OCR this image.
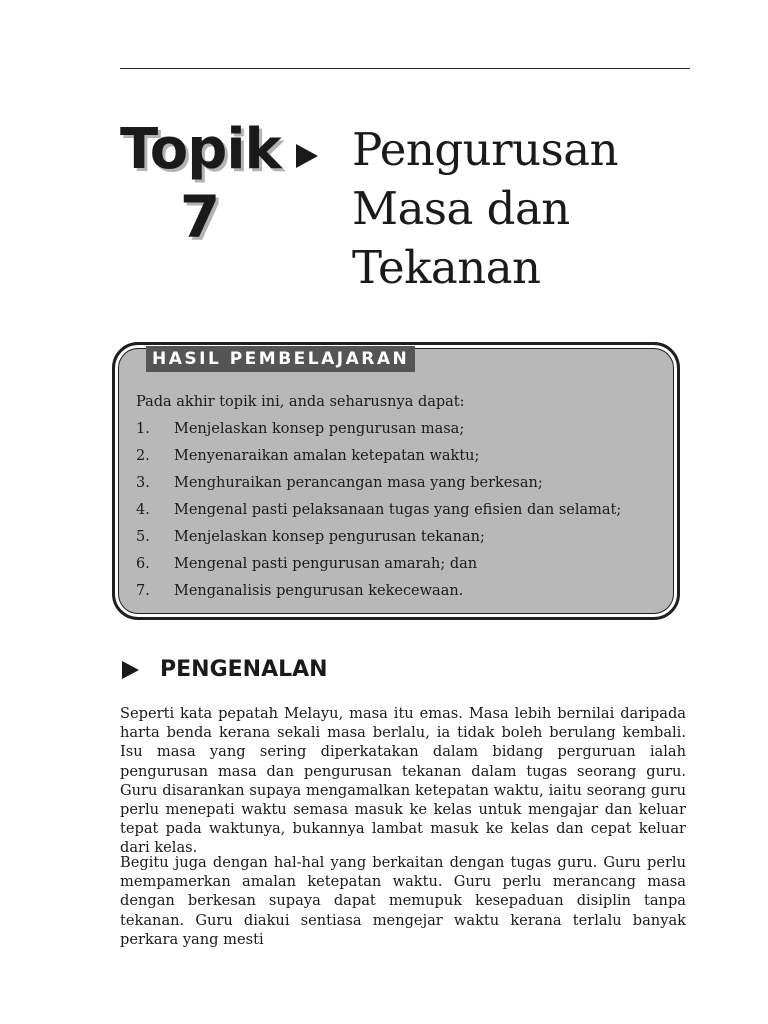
Topik
7
Pengurusan
Masa dan
Tekanan
HASIL PEMBELAJARAN
Pada akhir topik ini, anda seharusnya dapat:
1. Menjelaskan konsep pengurusan masa;
2. Menyenaraikan amalan ketepatan waktu;
3. Menghuraikan perancangan masa yang berkesan;
4. Mengenal pasti pelaksanaan tugas yang efisien dan selamat;
5. Menjelaskan konsep pengurusan tekanan;
6. Mengenal pasti pengurusan amarah; dan
7. Menganalisis pengurusan kekecewaan.
PENGENALAN

Seperti kata pepatah Melayu, masa itu emas. Masa lebih bernilai daripada harta benda kerana sekali masa berlalu, ia tidak boleh berulang kembali. Isu masa yang sering diperkatakan dalam bidang perguruan ialah pengurusan masa dan pengurusan tekanan dalam tugas seorang guru. Guru disarankan supaya mengamalkan ketepatan waktu, iaitu seorang guru perlu menepati waktu semasa masuk ke kelas untuk mengajar dan keluar tepat pada waktunya, bukannya lambat masuk ke kelas dan cepat keluar dari kelas.

Begitu juga dengan hal-hal yang berkaitan dengan tugas guru. Guru perlu mempamerkan amalan ketepatan waktu. Guru perlu merancang masa dengan berkesan supaya dapat memupuk kesepaduan disiplin tanpa tekanan. Guru diakui sentiasa mengejar waktu kerana terlalu banyak perkara yang mesti
